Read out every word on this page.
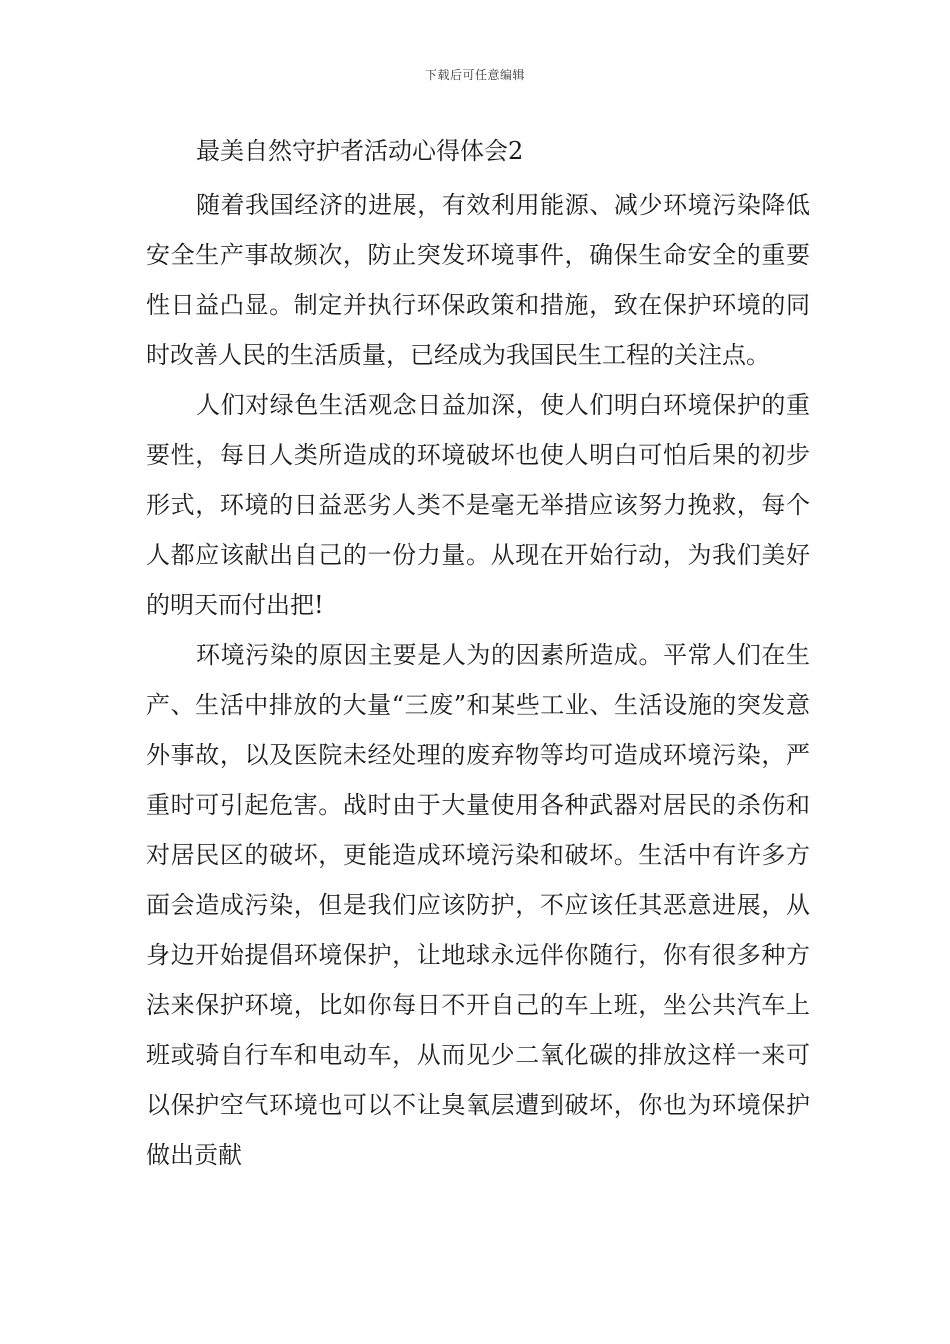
下载后可任意编辑
最美自然守护者活动心得体会2

随着我国经济的进展，有效利用能源、减少环境污染降低安全生产事故频次，防止突发环境事件，确保生命安全的重要性日益凸显。制定并执行环保政策和措施，致在保护环境的同时改善人民的生活质量，已经成为我国民生工程的关注点。

人们对绿色生活观念日益加深，使人们明白环境保护的重要性，每日人类所造成的环境破坏也使人明白可怕后果的初步形式，环境的日益恶劣人类不是毫无举措应该努力挽救，每个人都应该献出自己的一份力量。从现在开始行动，为我们美好的明天而付出把!

环境污染的原因主要是人为的因素所造成。平常人们在生产、生活中排放的大量“三废”和某些工业、生活设施的突发意外事故，以及医院未经处理的废弃物等均可造成环境污染，严重时可引起危害。战时由于大量使用各种武器对居民的杀伤和对居民区的破坏，更能造成环境污染和破坏。生活中有许多方面会造成污染，但是我们应该防护，不应该任其恶意进展，从身边开始提倡环境保护，让地球永远伴你随行，你有很多种方法来保护环境，比如你每日不开自己的车上班，坐公共汽车上班或骑自行车和电动车，从而见少二氧化碳的排放这样一来可以保护空气环境也可以不让臭氧层遭到破坏，你也为环境保护做出贡献
